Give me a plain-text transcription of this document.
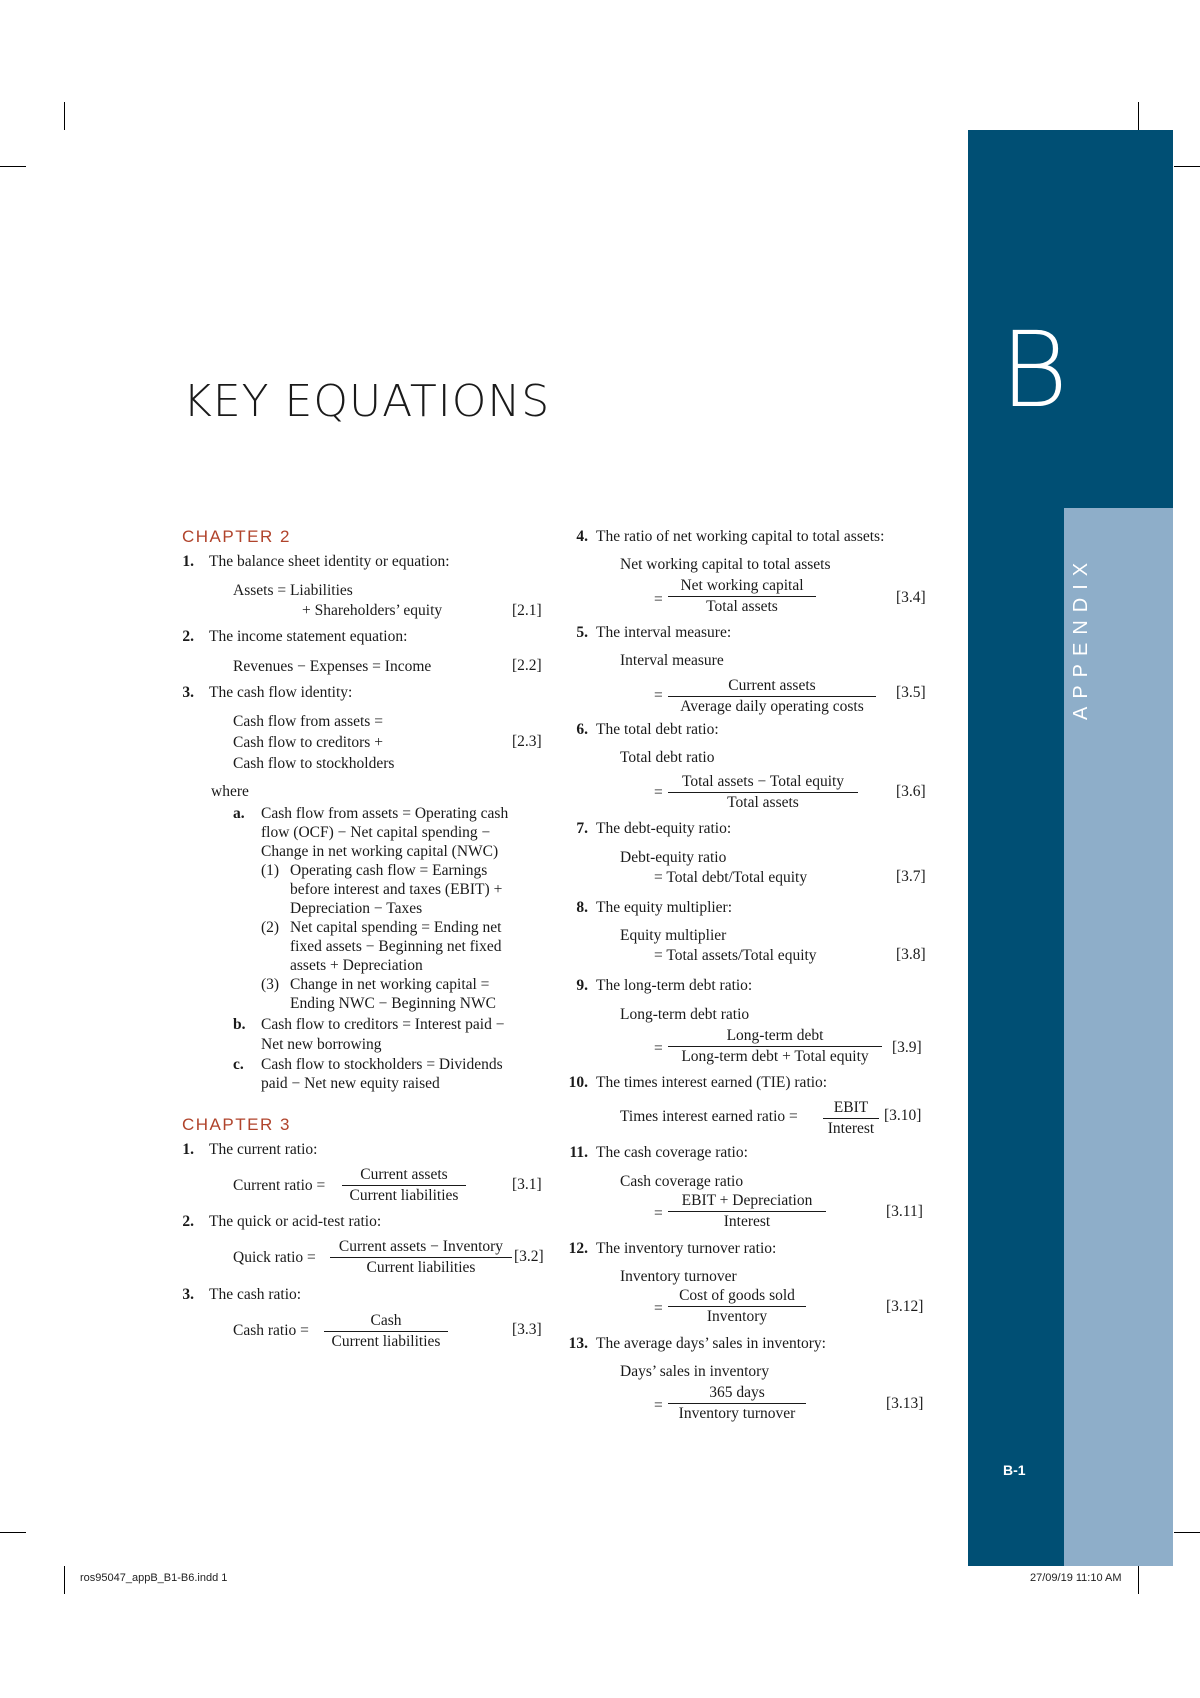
B
APPENDIX
B-1
KEY EQUATIONS
CHAPTER 2
1. The balance sheet identity or equation:
Assets = Liabilities
+ Shareholders’ equity	[2.1]
2. The income statement equation:
Revenues − Expenses = Income	[2.2]
3. The cash flow identity:
Cash flow from assets =
Cash flow to creditors +
Cash flow to stockholders
[2.3]
where
a. Cash flow from assets = Operating cash
flow (OCF) − Net capital spending −
Change in net working capital (NWC)
(1) Operating cash flow = Earnings
before interest and taxes (EBIT) +
Depreciation − Taxes
(2) Net capital spending = Ending net
fixed assets − Beginning net fixed
assets + Depreciation
(3) Change in net working capital =
Ending NWC − Beginning NWC
b. Cash flow to creditors = Interest paid −
Net new borrowing
c. Cash flow to stockholders = Dividends
paid − Net new equity raised
CHAPTER 3
1. The current ratio:
Current ratio =
Current assets
Current liabilities
[3.1]
2. The quick or acid-test ratio:
Quick ratio =
Current assets − Inventory
Current liabilities
[3.2]
3. The cash ratio:
Cash ratio =
Cash
Current liabilities
[3.3]
4. The ratio of net working capital to total assets:
Net working capital to total assets
=
Net working capital
Total assets
[3.4]
5. The interval measure:
Interval measure
=
Current assets
Average daily operating costs
[3.5]
6. The total debt ratio:
Total debt ratio
=
Total assets − Total equity
Total assets
[3.6]
7. The debt-equity ratio:
Debt-equity ratio
= Total debt/Total equity	[3.7]
8. The equity multiplier:
Equity multiplier
= Total assets/Total equity	[3.8]
9. The long-term debt ratio:
Long-term debt ratio
=
Long-term debt
Long-term debt + Total equity
[3.9]
10. The times interest earned (TIE) ratio:
Times interest earned ratio =
EBIT
Interest
[3.10]
11. The cash coverage ratio:
Cash coverage ratio
=
EBIT + Depreciation
Interest
[3.11]
12. The inventory turnover ratio:
Inventory turnover
=
Cost of goods sold
Inventory
[3.12]
13. The average days’ sales in inventory:
Days’ sales in inventory
=
365 days
Inventory turnover
[3.13]
ros95047_appB_B1-B6.indd 1	27/09/19 11:10 AM
